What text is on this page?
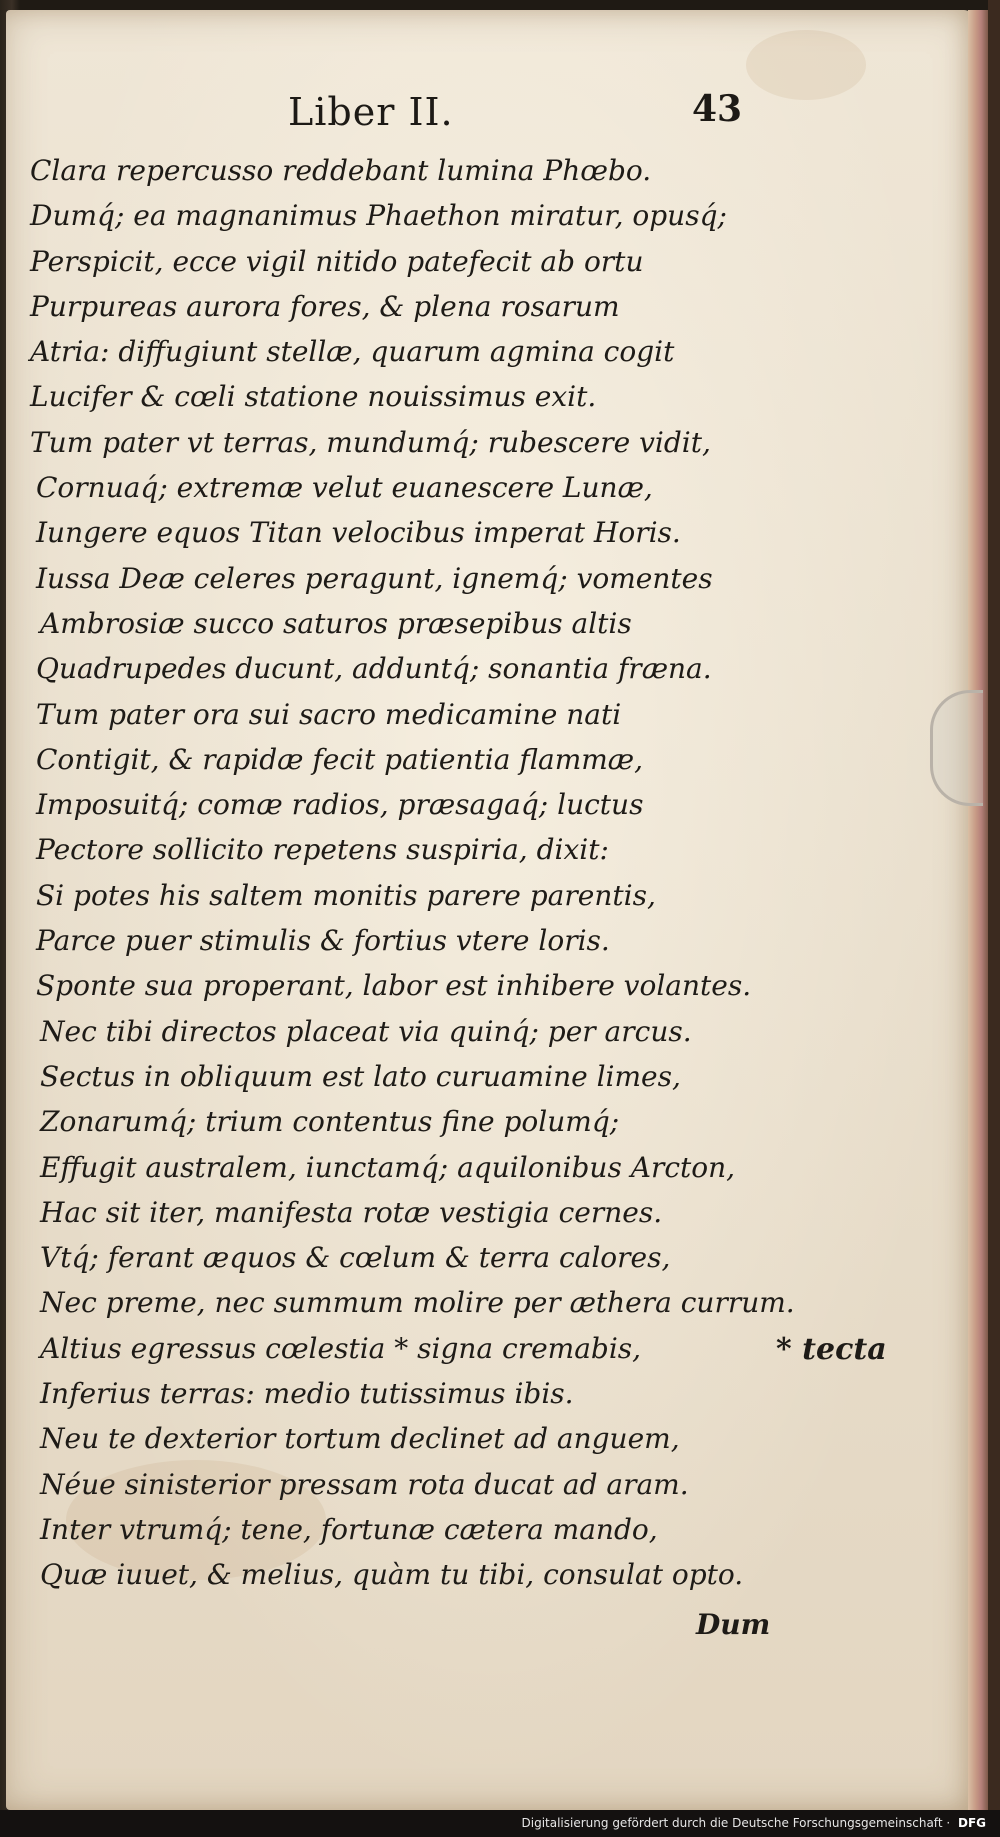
Liber II.	43
Clara repercusso reddebant lumina Phœbo.
Dumq́; ea magnanimus Phaethon miratur, opusq́;
Perspicit, ecce vigil nitido patefecit ab ortu
Purpureas aurora fores, & plena rosarum
Atria: diffugiunt stellæ, quarum agmina cogit
Lucifer & cœli statione nouissimus exit.
Tum pater vt terras, mundumq́; rubescere vidit,
Cornuaq́; extremæ velut euanescere Lunæ,
Iungere equos Titan velocibus imperat Horis.
Iussa Deæ celeres peragunt, ignemq́; vomentes
Ambrosiæ succo saturos præsepibus altis
Quadrupedes ducunt, adduntq́; sonantia fræna.
Tum pater ora sui sacro medicamine nati
Contigit, & rapidæ fecit patientia flammæ,
Imposuitq́; comæ radios, præsagaq́; luctus
Pectore sollicito repetens suspiria, dixit:
Si potes his saltem monitis parere parentis,
Parce puer stimulis & fortius vtere loris.
Sponte sua properant, labor est inhibere volantes.
Nec tibi directos placeat via quinq́; per arcus.
Sectus in obliquum est lato curuamine limes,
Zonarumq́; trium contentus fine polumq́;
Effugit australem, iunctamq́; aquilonibus Arcton,
Hac sit iter, manifesta rotæ vestigia cernes.
Vtq́; ferant æquos & cœlum & terra calores,
Nec preme, nec summum molire per æthera currum.
Altius egressus cœlestia * signa cremabis,
Inferius terras: medio tutissimus ibis.
Neu te dexterior tortum declinet ad anguem,
Néue sinisterior pressam rota ducat ad aram.
Inter vtrumq́; tene, fortunæ cætera mando,
Quæ iuuet, & melius, quàm tu tibi, consulat opto.
* tecta
Dum
Digitalisierung gefördert durch die Deutsche Forschungsgemeinschaft · DFG
